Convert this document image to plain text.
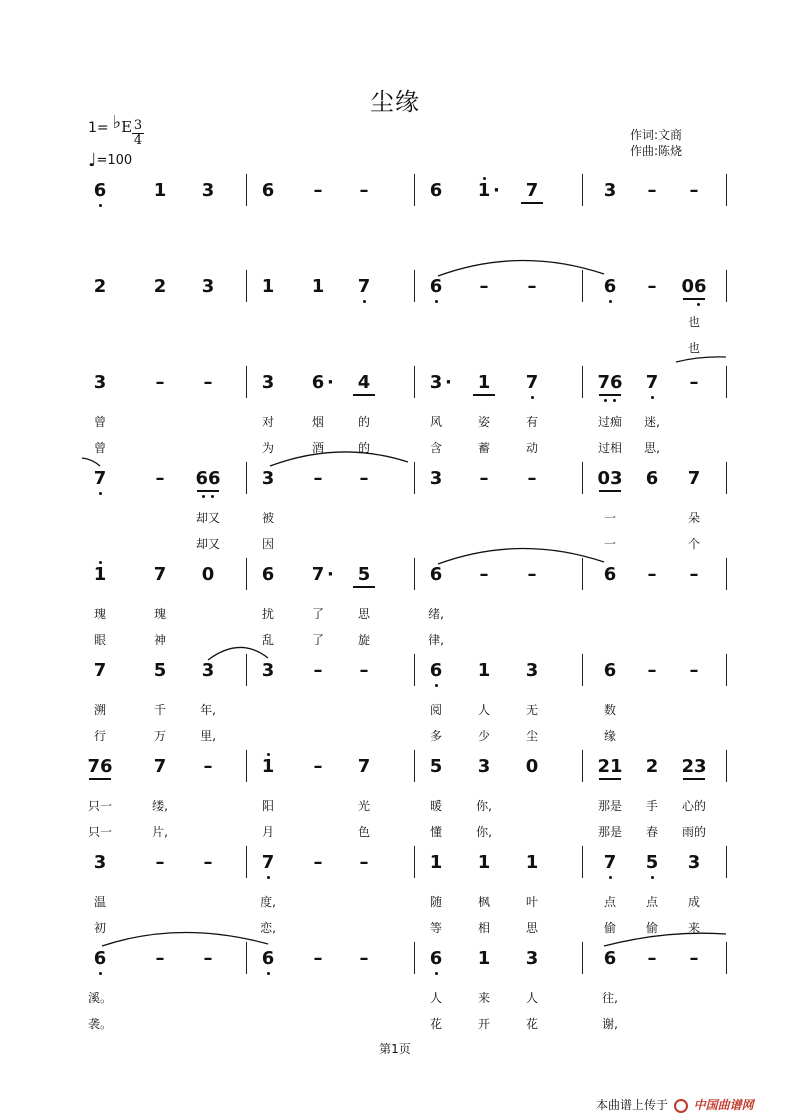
尘缘
1= ♭E 3
4
♩=100
作词:文商
作曲:陈烧
6	1	3	6	–	–	6	1 ·	7	3	–	–
2	2	3	1	1	7	6	–	–	6	–	06
也
也
3	–	–	3	6 ·	4	3 ·	1	7	76	7	–
曾	对	烟	的	风	姿	有	过痴	迷,
曾	为	酒	的	含	蓄	动	过相	思,
7	–	66	3	–	–	3	–	–	03	6	7
却又	被	一	朵
却又	因	一	个
1	7	0	6	7 ·	5	6	–	–	6	–	–
瑰	瑰	扰	了	思	绪,
眼	神	乱	了	旋	律,
7	5	3	3	–	–	6	1	3	6	–	–
溯	千	年,	阅	人	无	数
行	万	里,	多	少	尘	缘
76	7	–	1	–	7	5	3	0	21	2	23
只一	缕,	阳	光	暖	你,	那是	手	心的
只一	片,	月	色	懂	你,	那是	春	雨的
3	–	–	7	–	–	1	1	1	7	5	3
温	度,	随	枫	叶	点	点	成
初	恋,	等	相	思	偷	偷	来
6	–	–	6	–	–	6	1	3	6	–	–
溪。	人	来	人	往,
袭。	花	开	花	谢,
第1页
本曲谱上传于 中国曲谱网
